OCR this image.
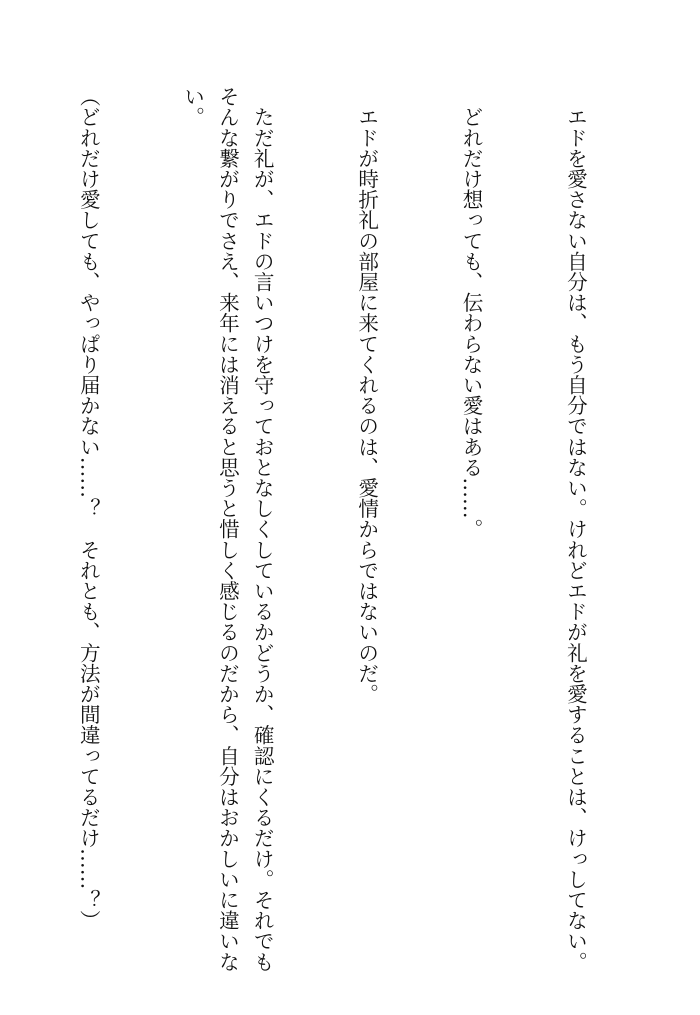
　エドを愛さない自分は、もう自分ではない。けれどエドが礼を愛することは、けっしてない。

　どれだけ想っても、伝わらない愛はある……。

　エドが時折礼の部屋に来てくれるのは、愛情からではないのだ。

　ただ礼が、エドの言いつけを守っておとなしくしているかどうか、確認にくるだけ。それでもそんな繋がりでさえ、来年には消えると思うと惜しく感じるのだから、自分はおかしいに違いない。

（どれだけ愛しても、やっぱり届かない……？　それとも、方法が間違ってるだけ……？）
